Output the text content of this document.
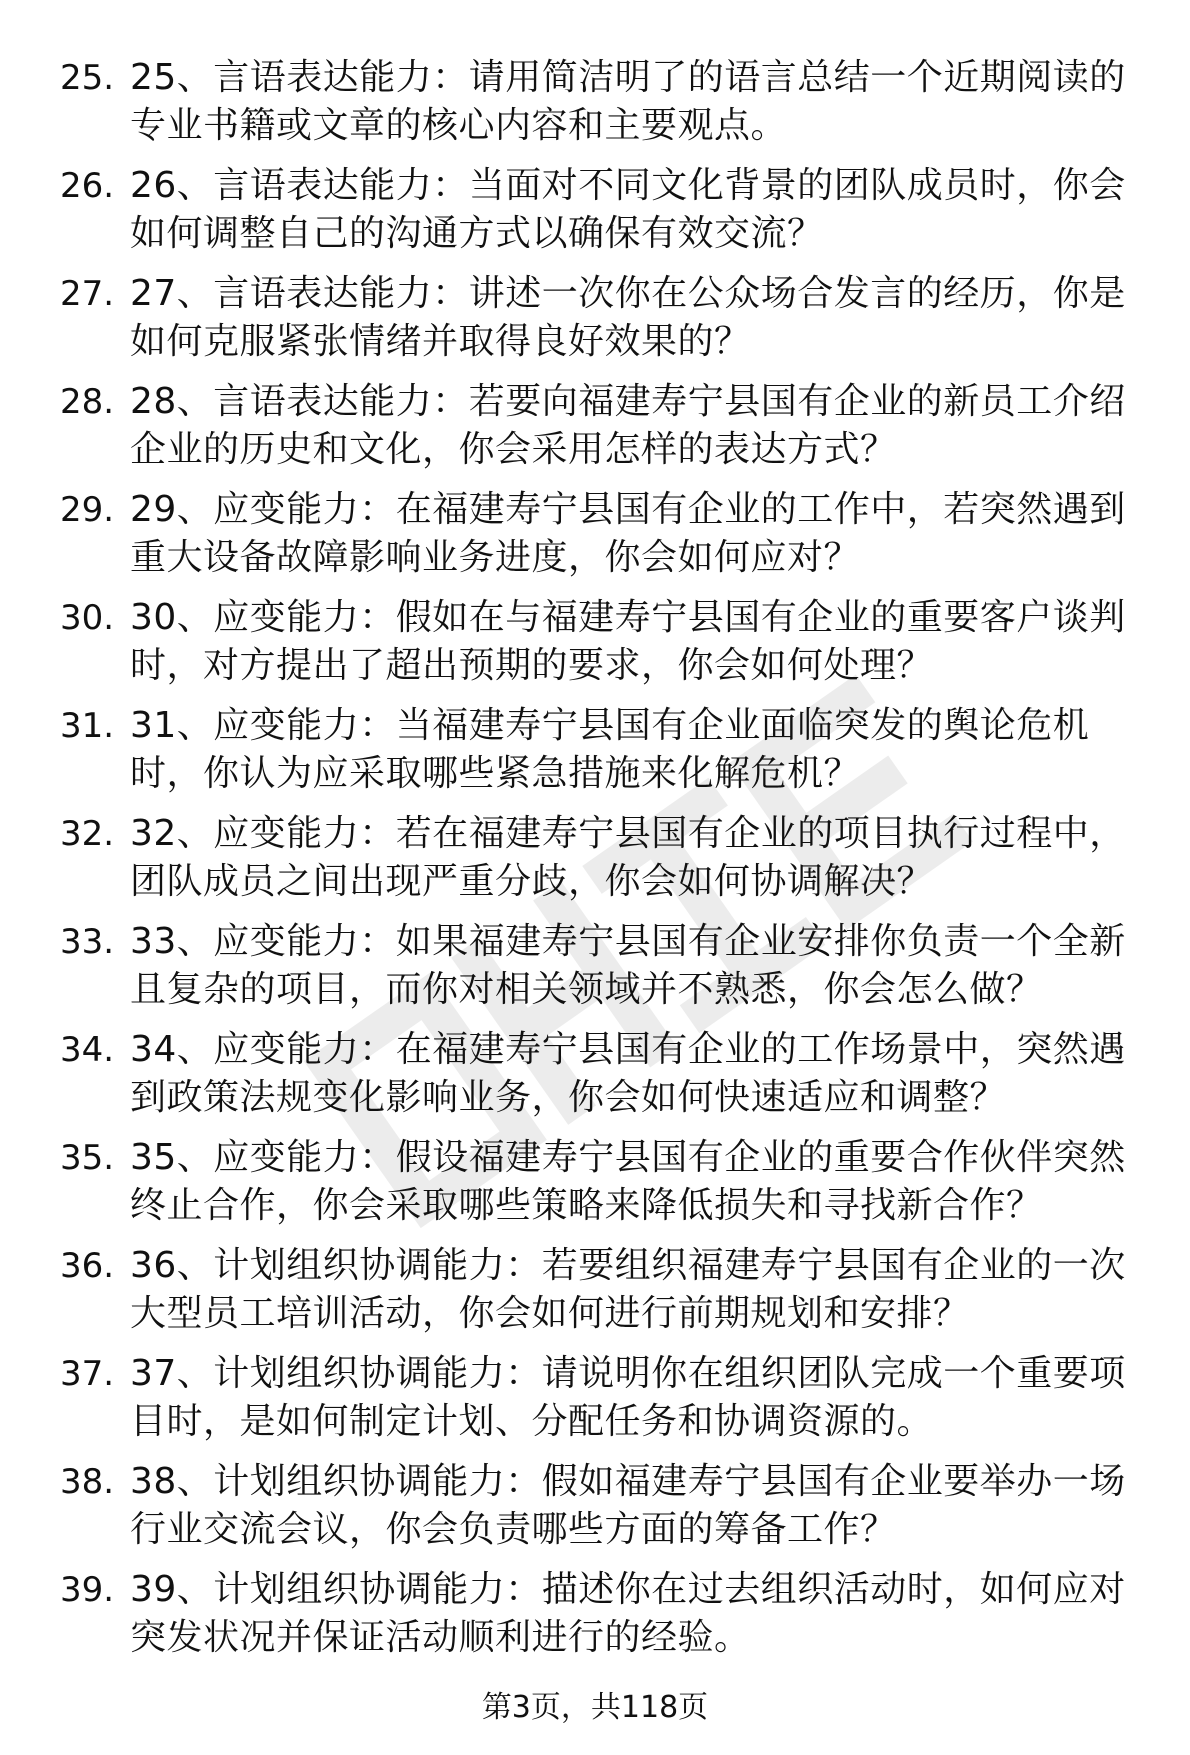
25. 25、言语表达能力：请用简洁明了的语言总结一个近期阅读的专业书籍或文章的核心内容和主要观点。
26. 26、言语表达能力：当面对不同文化背景的团队成员时，你会如何调整自己的沟通方式以确保有效交流？
27. 27、言语表达能力：讲述一次你在公众场合发言的经历，你是如何克服紧张情绪并取得良好效果的？
28. 28、言语表达能力：若要向福建寿宁县国有企业的新员工介绍企业的历史和文化，你会采用怎样的表达方式？
29. 29、应变能力：在福建寿宁县国有企业的工作中，若突然遇到重大设备故障影响业务进度，你会如何应对？
30. 30、应变能力：假如在与福建寿宁县国有企业的重要客户谈判时，对方提出了超出预期的要求，你会如何处理？
31. 31、应变能力：当福建寿宁县国有企业面临突发的舆论危机时，你认为应采取哪些紧急措施来化解危机？
32. 32、应变能力：若在福建寿宁县国有企业的项目执行过程中，团队成员之间出现严重分歧，你会如何协调解决？
33. 33、应变能力：如果福建寿宁县国有企业安排你负责一个全新且复杂的项目，而你对相关领域并不熟悉，你会怎么做？
34. 34、应变能力：在福建寿宁县国有企业的工作场景中，突然遇到政策法规变化影响业务，你会如何快速适应和调整？
35. 35、应变能力：假设福建寿宁县国有企业的重要合作伙伴突然终止合作，你会采取哪些策略来降低损失和寻找新合作？
36. 36、计划组织协调能力：若要组织福建寿宁县国有企业的一次大型员工培训活动，你会如何进行前期规划和安排？
37. 37、计划组织协调能力：请说明你在组织团队完成一个重要项目时，是如何制定计划、分配任务和协调资源的。
38. 38、计划组织协调能力：假如福建寿宁县国有企业要举办一场行业交流会议，你会负责哪些方面的筹备工作？
39. 39、计划组织协调能力：描述你在过去组织活动时，如何应对突发状况并保证活动顺利进行的经验。
第3页，共118页
